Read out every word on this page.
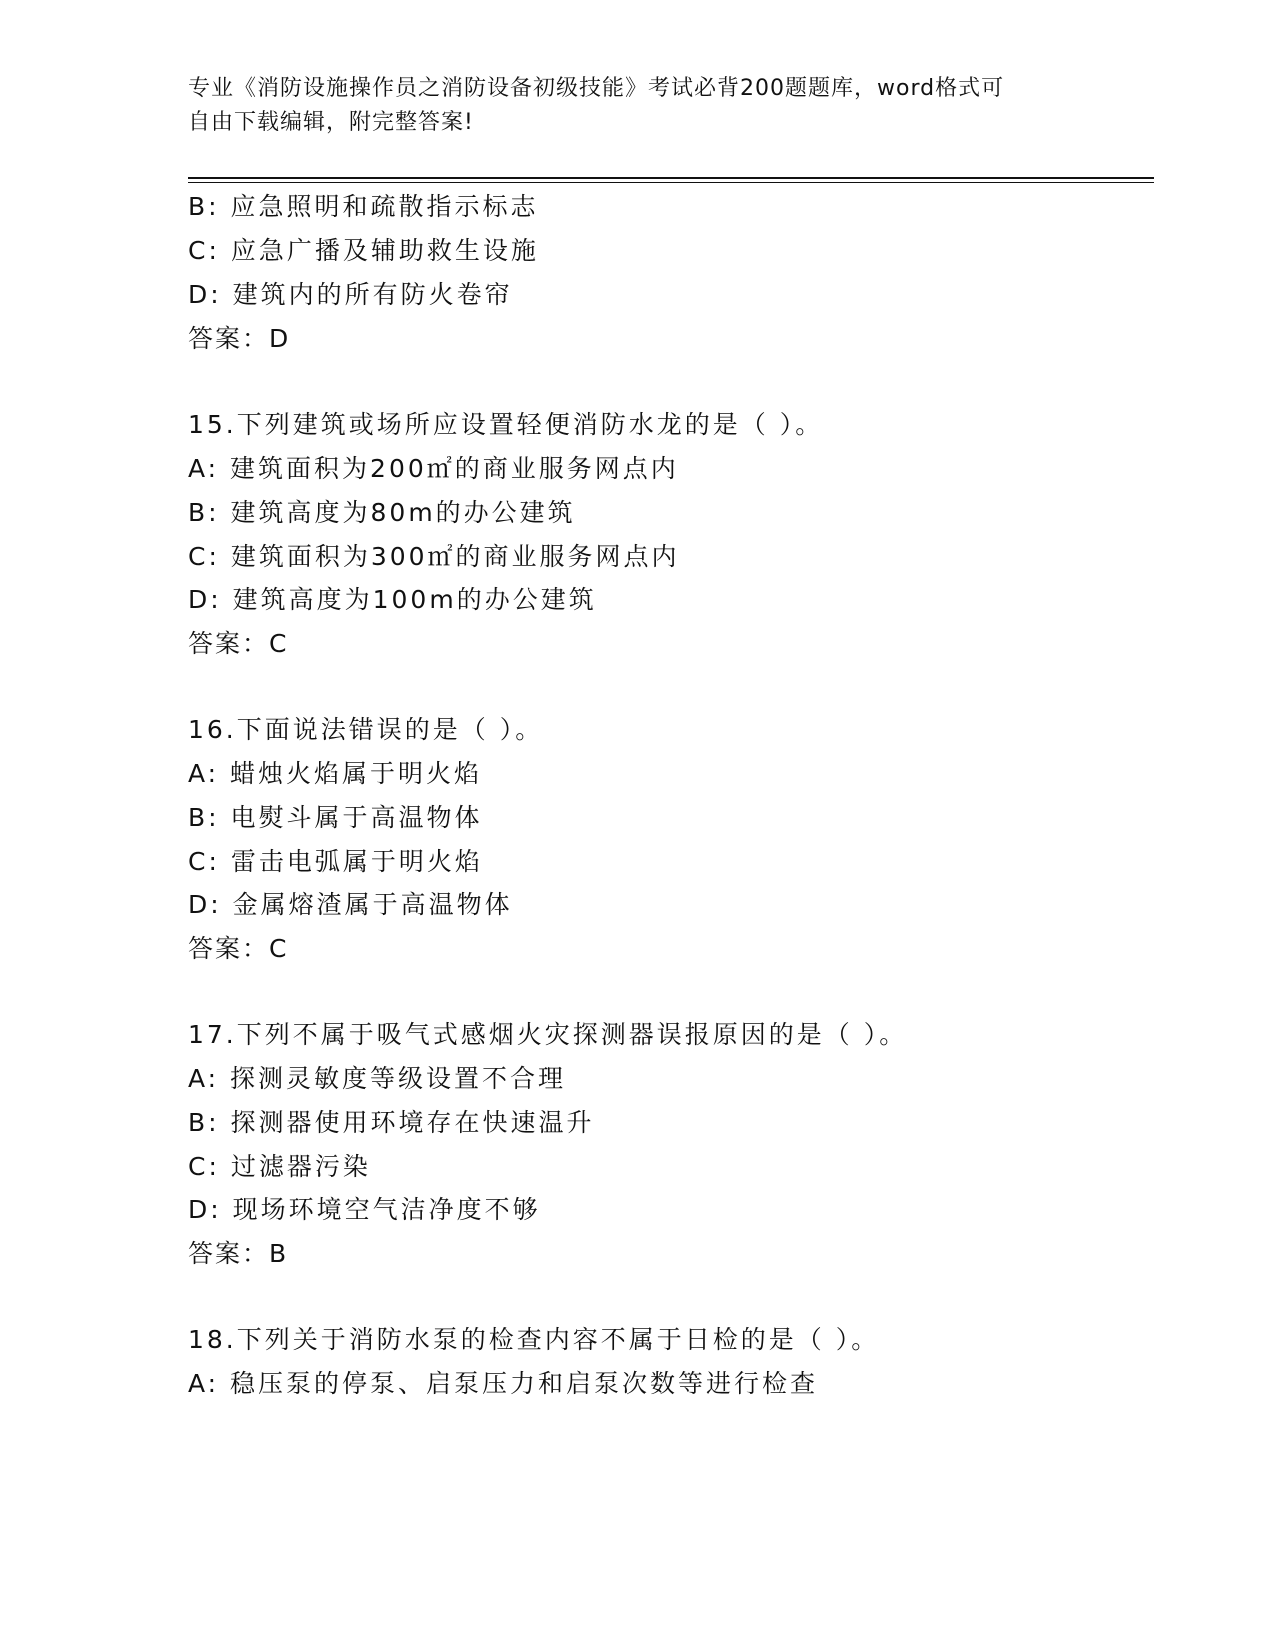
专业《消防设施操作员之消防设备初级技能》考试必背200题题库，word格式可
自由下载编辑，附完整答案!
B: 应急照明和疏散指示标志
C: 应急广播及辅助救生设施
D: 建筑内的所有防火卷帘
答案：D
15.下列建筑或场所应设置轻便消防水龙的是（ ）。
A: 建筑面积为200㎡的商业服务网点内
B: 建筑高度为80m的办公建筑
C: 建筑面积为300㎡的商业服务网点内
D: 建筑高度为100m的办公建筑
答案：C
16.下面说法错误的是（ ）。
A: 蜡烛火焰属于明火焰
B: 电熨斗属于高温物体
C: 雷击电弧属于明火焰
D: 金属熔渣属于高温物体
答案：C
17.下列不属于吸气式感烟火灾探测器误报原因的是（ ）。
A: 探测灵敏度等级设置不合理
B: 探测器使用环境存在快速温升
C: 过滤器污染
D: 现场环境空气洁净度不够
答案：B
18.下列关于消防水泵的检查内容不属于日检的是（ ）。
A: 稳压泵的停泵、启泵压力和启泵次数等进行检查
